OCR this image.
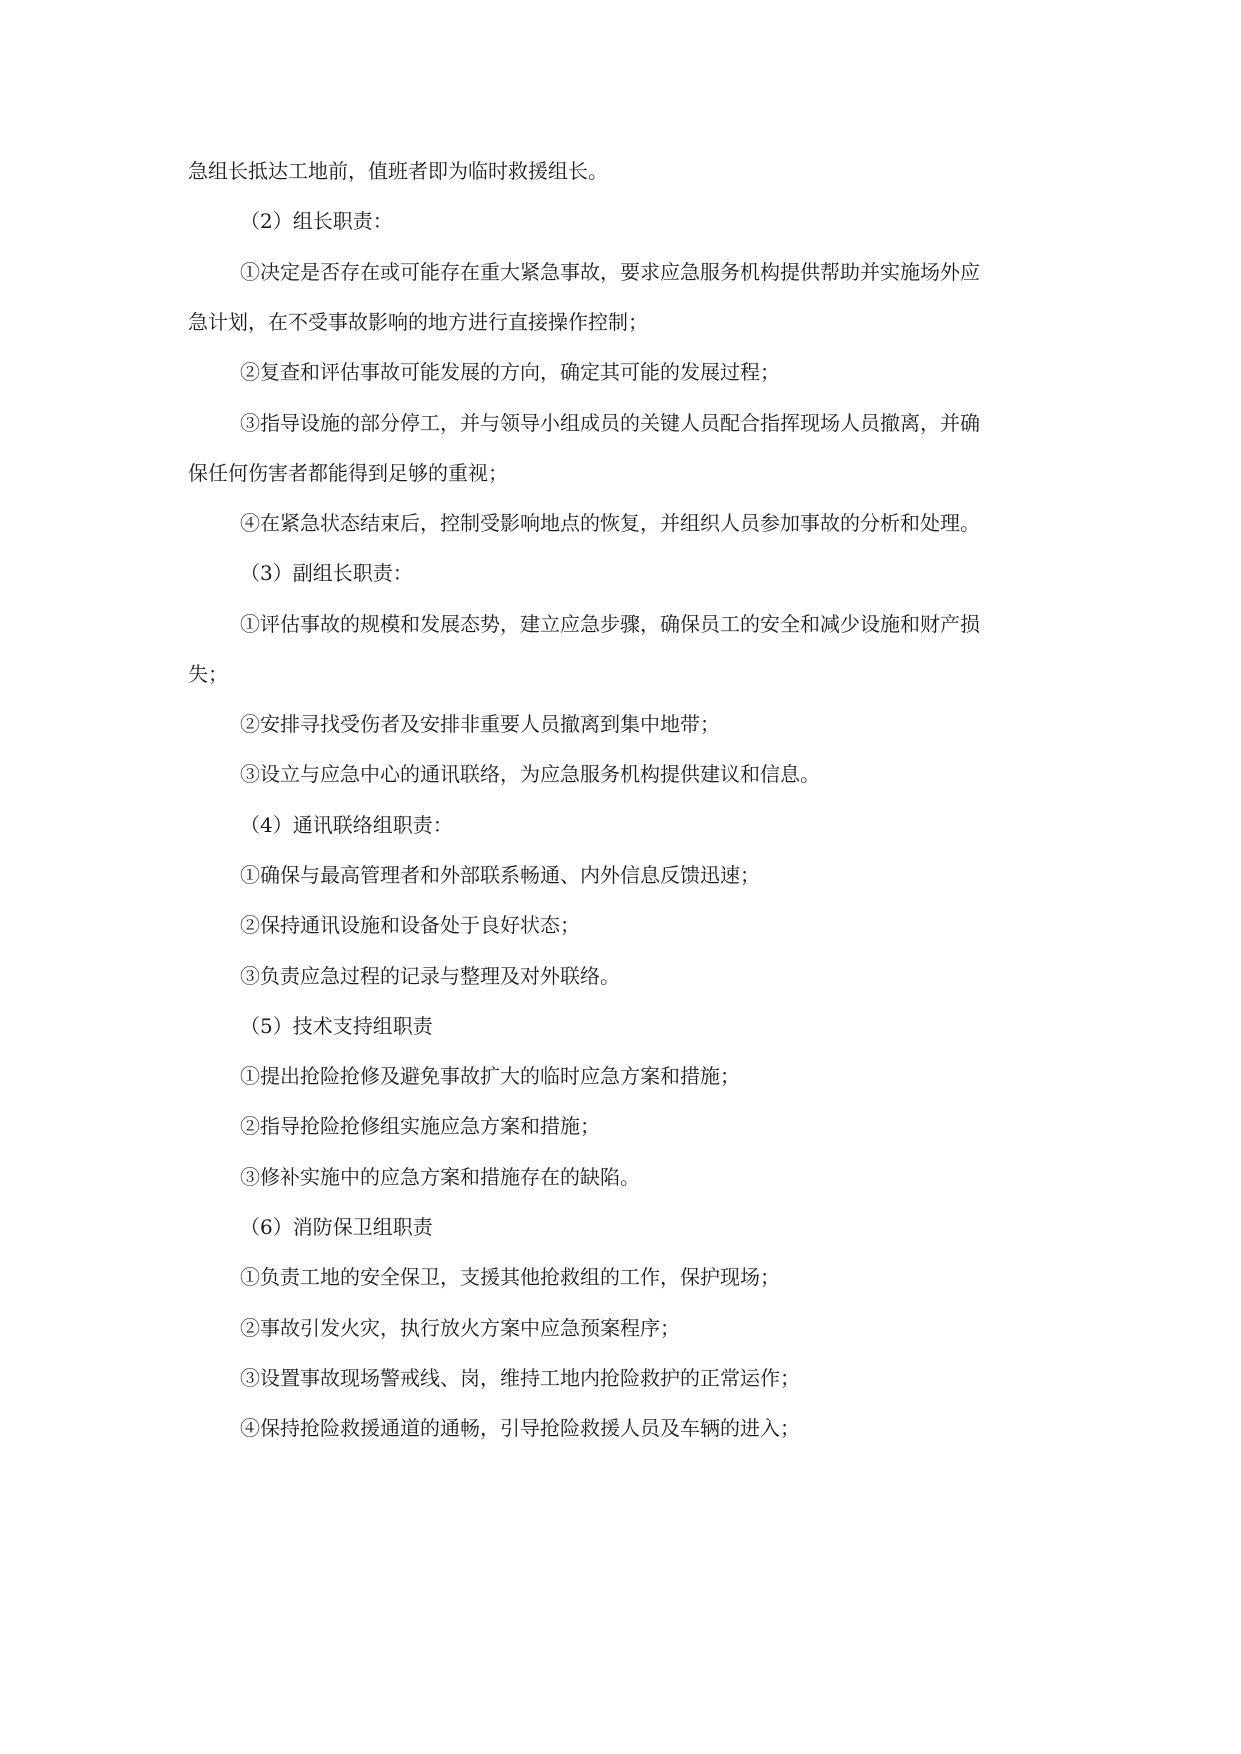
急组长抵达工地前，值班者即为临时救援组长。

（2）组长职责：

①决定是否存在或可能存在重大紧急事故，要求应急服务机构提供帮助并实施场外应

急计划，在不受事故影响的地方进行直接操作控制；

②复查和评估事故可能发展的方向，确定其可能的发展过程；

③指导设施的部分停工，并与领导小组成员的关键人员配合指挥现场人员撤离，并确

保任何伤害者都能得到足够的重视；

④在紧急状态结束后，控制受影响地点的恢复，并组织人员参加事故的分析和处理。

（3）副组长职责：

①评估事故的规模和发展态势，建立应急步骤，确保员工的安全和减少设施和财产损

失；

②安排寻找受伤者及安排非重要人员撤离到集中地带；

③设立与应急中心的通讯联络，为应急服务机构提供建议和信息。

（4）通讯联络组职责：

①确保与最高管理者和外部联系畅通、内外信息反馈迅速；

②保持通讯设施和设备处于良好状态；

③负责应急过程的记录与整理及对外联络。

（5）技术支持组职责

①提出抢险抢修及避免事故扩大的临时应急方案和措施；

②指导抢险抢修组实施应急方案和措施；

③修补实施中的应急方案和措施存在的缺陷。

（6）消防保卫组职责

①负责工地的安全保卫，支援其他抢救组的工作，保护现场；

②事故引发火灾，执行放火方案中应急预案程序；

③设置事故现场警戒线、岗，维持工地内抢险救护的正常运作；

④保持抢险救援通道的通畅，引导抢险救援人员及车辆的进入；
